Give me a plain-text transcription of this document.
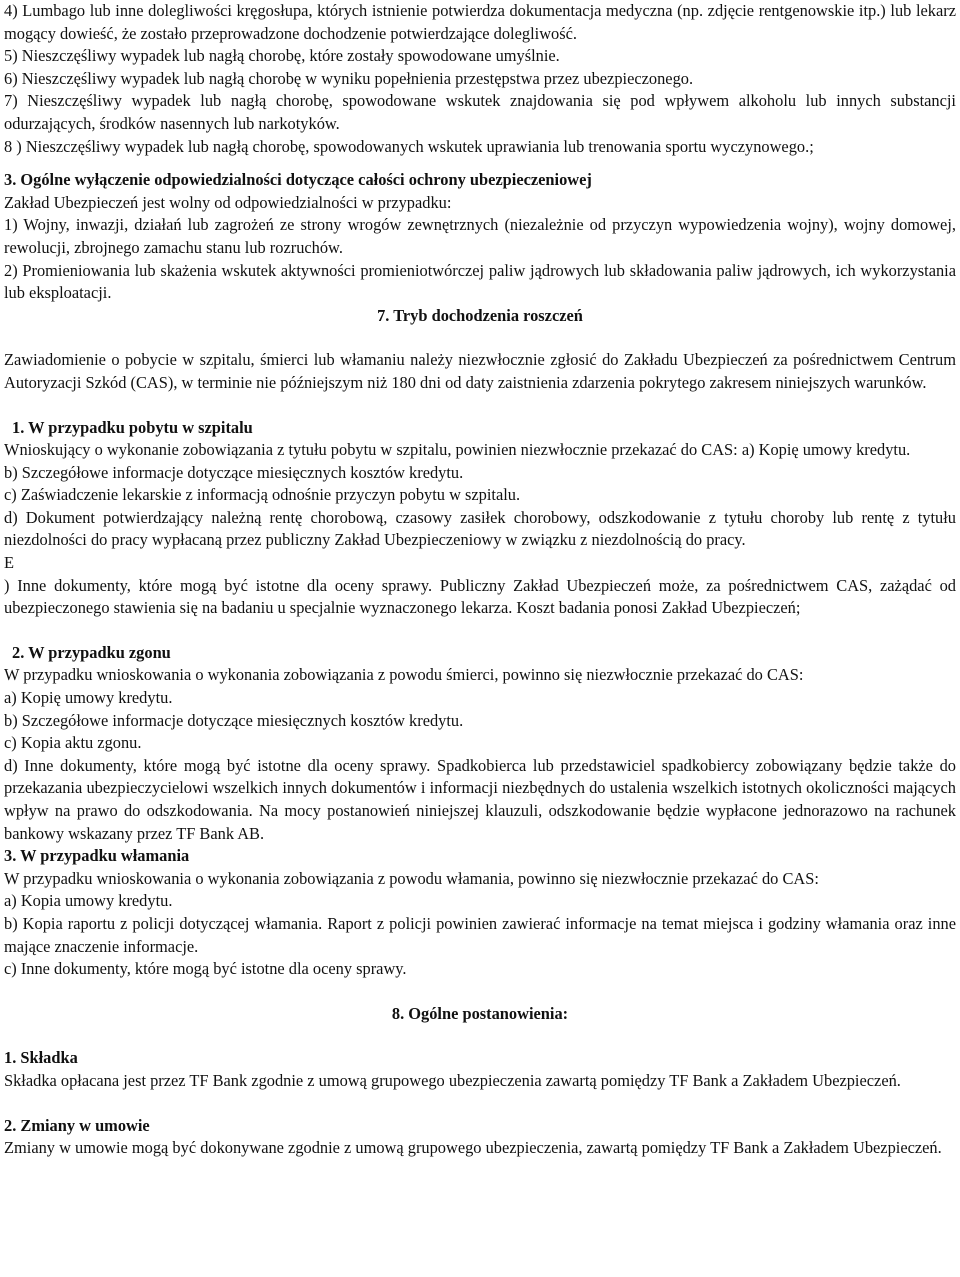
4) Lumbago lub inne dolegliwości kręgosłupa, których istnienie potwierdza dokumentacja medyczna (np. zdjęcie rentgenowskie itp.) lub lekarz mogący dowieść, że zostało przeprowadzone dochodzenie potwierdzające dolegliwość.

5) Nieszczęśliwy wypadek lub nagłą chorobę, które zostały spowodowane umyślnie.

6) Nieszczęśliwy wypadek lub nagłą chorobę w wyniku popełnienia przestępstwa przez ubezpieczonego.

7) Nieszczęśliwy wypadek lub nagłą chorobę, spowodowane wskutek znajdowania się pod wpływem alkoholu lub innych substancji odurzających, środków nasennych lub narkotyków.

8 ) Nieszczęśliwy wypadek lub nagłą chorobę, spowodowanych wskutek uprawiania lub trenowania sportu wyczynowego.;

3. Ogólne wyłączenie odpowiedzialności dotyczące całości ochrony ubezpieczeniowej

Zakład Ubezpieczeń jest wolny od odpowiedzialności w przypadku:

1) Wojny, inwazji, działań lub zagrożeń ze strony wrogów zewnętrznych (niezależnie od przyczyn wypowiedzenia wojny), wojny domowej, rewolucji, zbrojnego zamachu stanu lub rozruchów.

2) Promieniowania lub skażenia wskutek aktywności promieniotwórczej paliw jądrowych lub składowania paliw jądrowych, ich wykorzystania lub eksploatacji.

7. Tryb dochodzenia roszczeń

Zawiadomienie o pobycie w szpitalu, śmierci lub włamaniu należy niezwłocznie zgłosić do Zakładu Ubezpieczeń za pośrednictwem Centrum Autoryzacji Szkód (CAS), w terminie nie późniejszym niż 180 dni od daty zaistnienia zdarzenia pokrytego zakresem niniejszych warunków.

1. W przypadku pobytu w szpitalu

Wnioskujący o wykonanie zobowiązania z tytułu pobytu w szpitalu, powinien niezwłocznie przekazać do CAS: a) Kopię umowy kredytu.

b) Szczegółowe informacje dotyczące miesięcznych kosztów kredytu.

c) Zaświadczenie lekarskie z informacją odnośnie przyczyn pobytu w szpitalu.

d) Dokument potwierdzający należną rentę chorobową, czasowy zasiłek chorobowy, odszkodowanie z tytułu choroby lub rentę z tytułu niezdolności do pracy wypłacaną przez publiczny Zakład Ubezpieczeniowy w związku z niezdolnością do pracy.

E

) Inne dokumenty, które mogą być istotne dla oceny sprawy. Publiczny Zakład Ubezpieczeń może, za pośrednictwem CAS, zażądać od ubezpieczonego stawienia się na badaniu u specjalnie wyznaczonego lekarza. Koszt badania ponosi Zakład Ubezpieczeń;

2. W przypadku zgonu

W przypadku wnioskowania o wykonania zobowiązania z powodu śmierci, powinno się niezwłocznie przekazać do CAS:

a) Kopię umowy kredytu.

b) Szczegółowe informacje dotyczące miesięcznych kosztów kredytu.

c) Kopia aktu zgonu.

d) Inne dokumenty, które mogą być istotne dla oceny sprawy. Spadkobierca lub przedstawiciel spadkobiercy zobowiązany będzie także do przekazania ubezpieczycielowi wszelkich innych dokumentów i informacji niezbędnych do ustalenia wszelkich istotnych okoliczności mających wpływ na prawo do odszkodowania. Na mocy postanowień niniejszej klauzuli, odszkodowanie będzie wypłacone jednorazowo na rachunek bankowy wskazany przez TF Bank AB.

3. W przypadku włamania

W przypadku wnioskowania o wykonania zobowiązania z powodu włamania, powinno się niezwłocznie przekazać do CAS:

a) Kopia umowy kredytu.

b) Kopia raportu z policji dotyczącej włamania. Raport z policji powinien zawierać informacje na temat miejsca i godziny włamania oraz inne mające znaczenie informacje.

c) Inne dokumenty, które mogą być istotne dla oceny sprawy.

8. Ogólne postanowienia:

1. Składka

Składka opłacana jest przez TF Bank zgodnie z umową grupowego ubezpieczenia zawartą pomiędzy TF Bank a Zakładem Ubezpieczeń.

2. Zmiany w umowie

Zmiany w umowie mogą być dokonywane zgodnie z umową grupowego ubezpieczenia, zawartą pomiędzy TF Bank a Zakładem Ubezpieczeń.
